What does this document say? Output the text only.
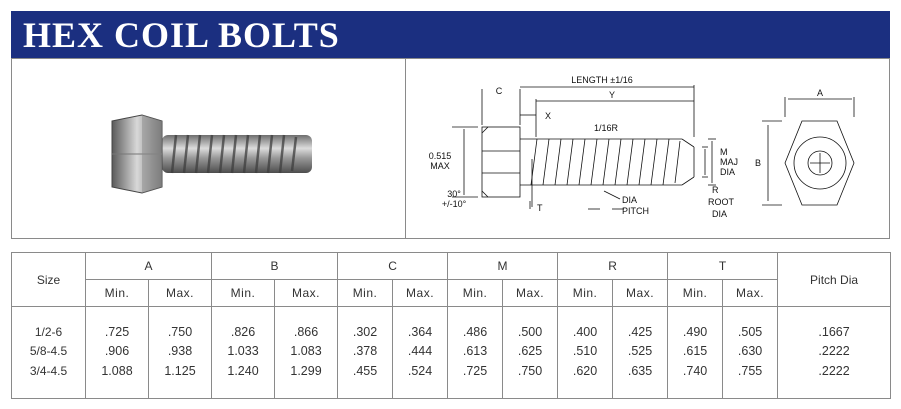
HEX COIL BOLTS
C
LENGTH ±1/16
Y
X
1/16R
0.515
MAX
30°
+/-10°	T
DIA
PITCH
M
MAJ
DIA
R
ROOT
DIA
A
B
Size	A		B		C		M		R		T		Pitch Dia
	Min.	Max.	Min.	Max.	Min.	Max.	Min.	Max.	Min.	Max.	Min.	Max.	

1/2-6	.725	.750	.826	.866	.302	.364	.486	.500	.400	.425	.490	.505	.1667
5/8-4.5	.906	.938	1.033	1.083	.378	.444	.613	.625	.510	.525	.615	.630	.2222
3/4-4.5	1.088	1.125	1.240	1.299	.455	.524	.725	.750	.620	.635	.740	.755	.2222
